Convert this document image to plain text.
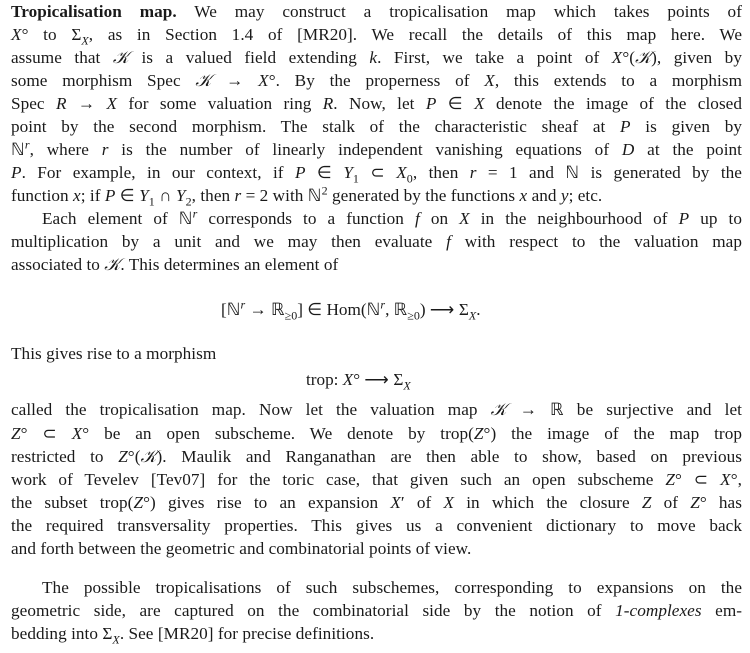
Tropicalisation map. We may construct a tropicalisation map which takes points of
X° to $\Sigma_X$, as in Section 1.4 of [MR20]. We recall the details of this map here. We
assume that 𝒦 is a valued field extending k. First, we take a point of X°(𝒦), given by
some morphism Spec 𝒦 → X°. By the properness of X, this extends to a morphism
Spec R → X for some valuation ring R. Now, let P ∈ X denote the image of the closed
point by the second morphism. The stalk of the characteristic sheaf at P is given by
ℕ$^r$, where r is the number of linearly independent vanishing equations of D at the point
P. For example, in our context, if P ∈ $Y_1$ ⊂ $X_0$, then r = 1 and ℕ is generated by the
function x; if P ∈ $Y_1$ ∩ $Y_2$, then r = 2 with ℕ$^2$ generated by the functions x and y; etc.
Each element of ℕ$^r$ corresponds to a function f on X in the neighbourhood of P up to
multiplication by a unit and we may then evaluate f with respect to the valuation map
associated to 𝒦. This determines an element of
[ℕ$^r$ → ℝ$_{\ge 0}$] ∈ Hom(ℕ$^r$, ℝ$_{\ge 0}$) ⟶ $\Sigma_X$.
This gives rise to a morphism
trop: X° ⟶ $\Sigma_X$
called the tropicalisation map. Now let the valuation map 𝒦 → ℝ be surjective and let
Z° ⊂ X° be an open subscheme. We denote by trop(Z°) the image of the map trop
restricted to Z°(𝒦). Maulik and Ranganathan are then able to show, based on previous
work of Tevelev [Tev07] for the toric case, that given such an open subscheme Z° ⊂ X°,
the subset trop(Z°) gives rise to an expansion X′ of X in which the closure Z of Z° has
the required transversality properties. This gives us a convenient dictionary to move back
and forth between the geometric and combinatorial points of view.
The possible tropicalisations of such subschemes, corresponding to expansions on the
geometric side, are captured on the combinatorial side by the notion of 1-complexes em-
bedding into $\Sigma_X$. See [MR20] for precise definitions.
